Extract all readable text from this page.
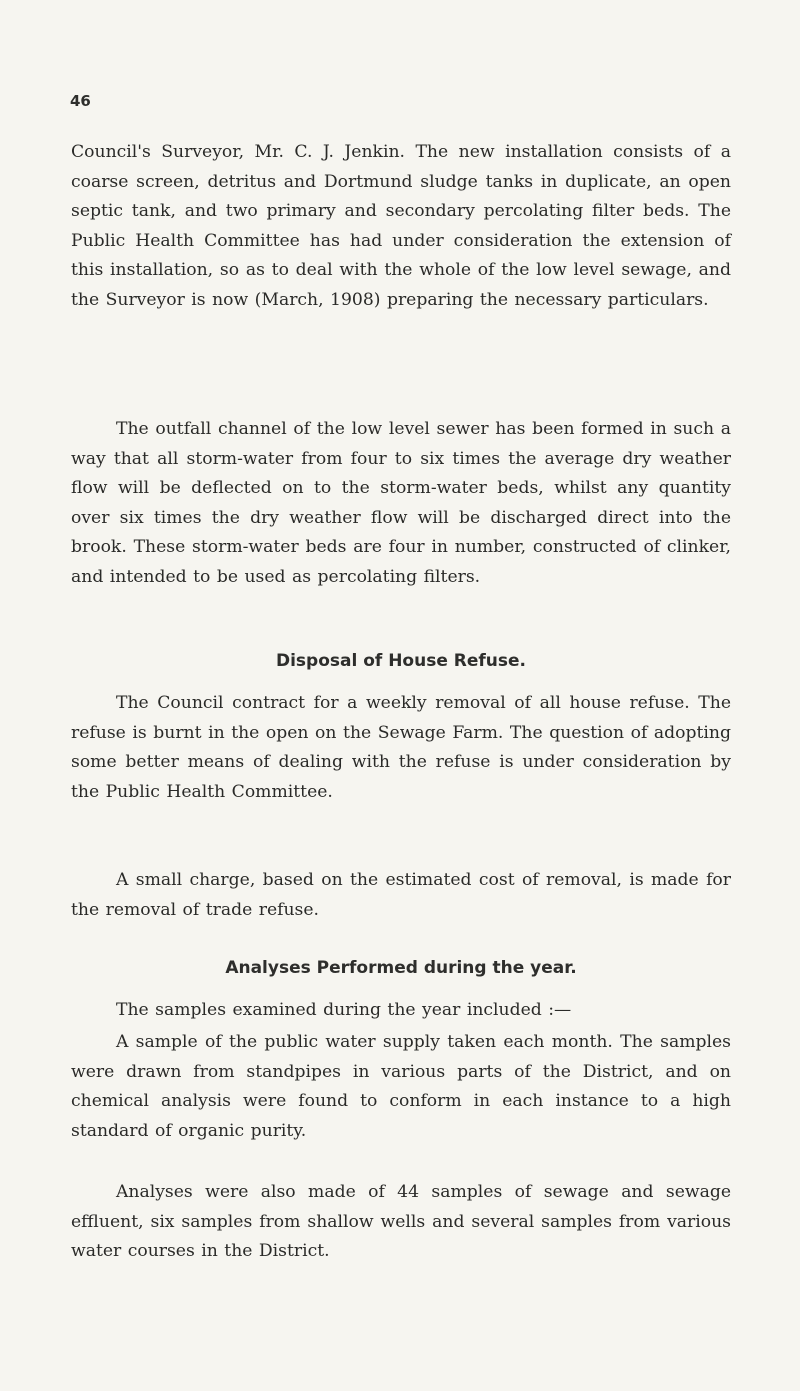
46

Council's Surveyor, Mr. C. J. Jenkin. The new installation consists of a coarse screen, detritus and Dortmund sludge tanks in duplicate, an open septic tank, and two primary and secondary percolating filter beds. The Public Health Committee has had under consideration the extension of this installation, so as to deal with the whole of the low level sewage, and the Surveyor is now (March, 1908) preparing the necessary particulars.

The outfall channel of the low level sewer has been formed in such a way that all storm-water from four to six times the average dry weather flow will be deflected on to the storm-water beds, whilst any quantity over six times the dry weather flow will be discharged direct into the brook. These storm-water beds are four in number, constructed of clinker, and intended to be used as percolating filters.

Disposal of House Refuse.

The Council contract for a weekly removal of all house refuse. The refuse is burnt in the open on the Sewage Farm. The question of adopting some better means of dealing with the refuse is under consideration by the Public Health Committee.

A small charge, based on the estimated cost of removal, is made for the removal of trade refuse.

Analyses Performed during the year.

The samples examined during the year included :—

A sample of the public water supply taken each month. The samples were drawn from standpipes in various parts of the District, and on chemical analysis were found to conform in each instance to a high standard of organic purity.

Analyses were also made of 44 samples of sewage and sewage effluent, six samples from shallow wells and several samples from various water courses in the District.
